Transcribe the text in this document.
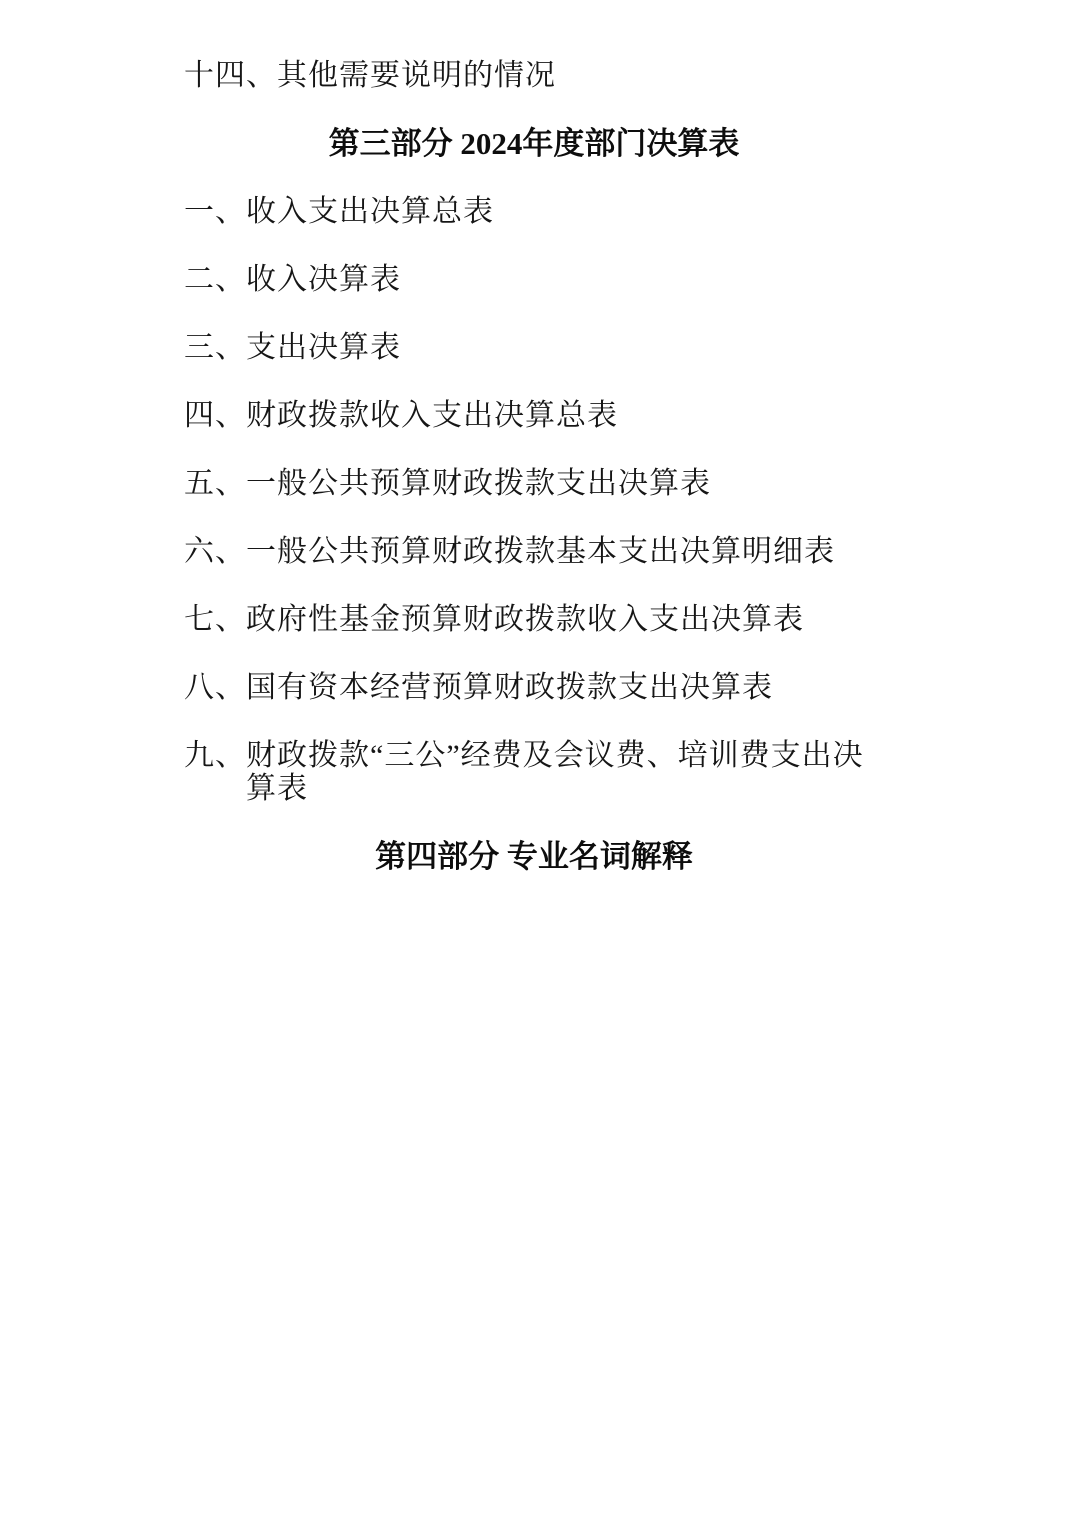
十四、其他需要说明的情况

第三部分 2024年度部门决算表

一、 收入支出决算总表

二、 收入决算表

三、 支出决算表

四、 财政拨款收入支出决算总表

五、 一般公共预算财政拨款支出决算表

六、 一般公共预算财政拨款基本支出决算明细表

七、 政府性基金预算财政拨款收入支出决算表

八、 国有资本经营预算财政拨款支出决算表

九、 财政拨款“三公”经费及会议费、培训费支出决算表

第四部分 专业名词解释
